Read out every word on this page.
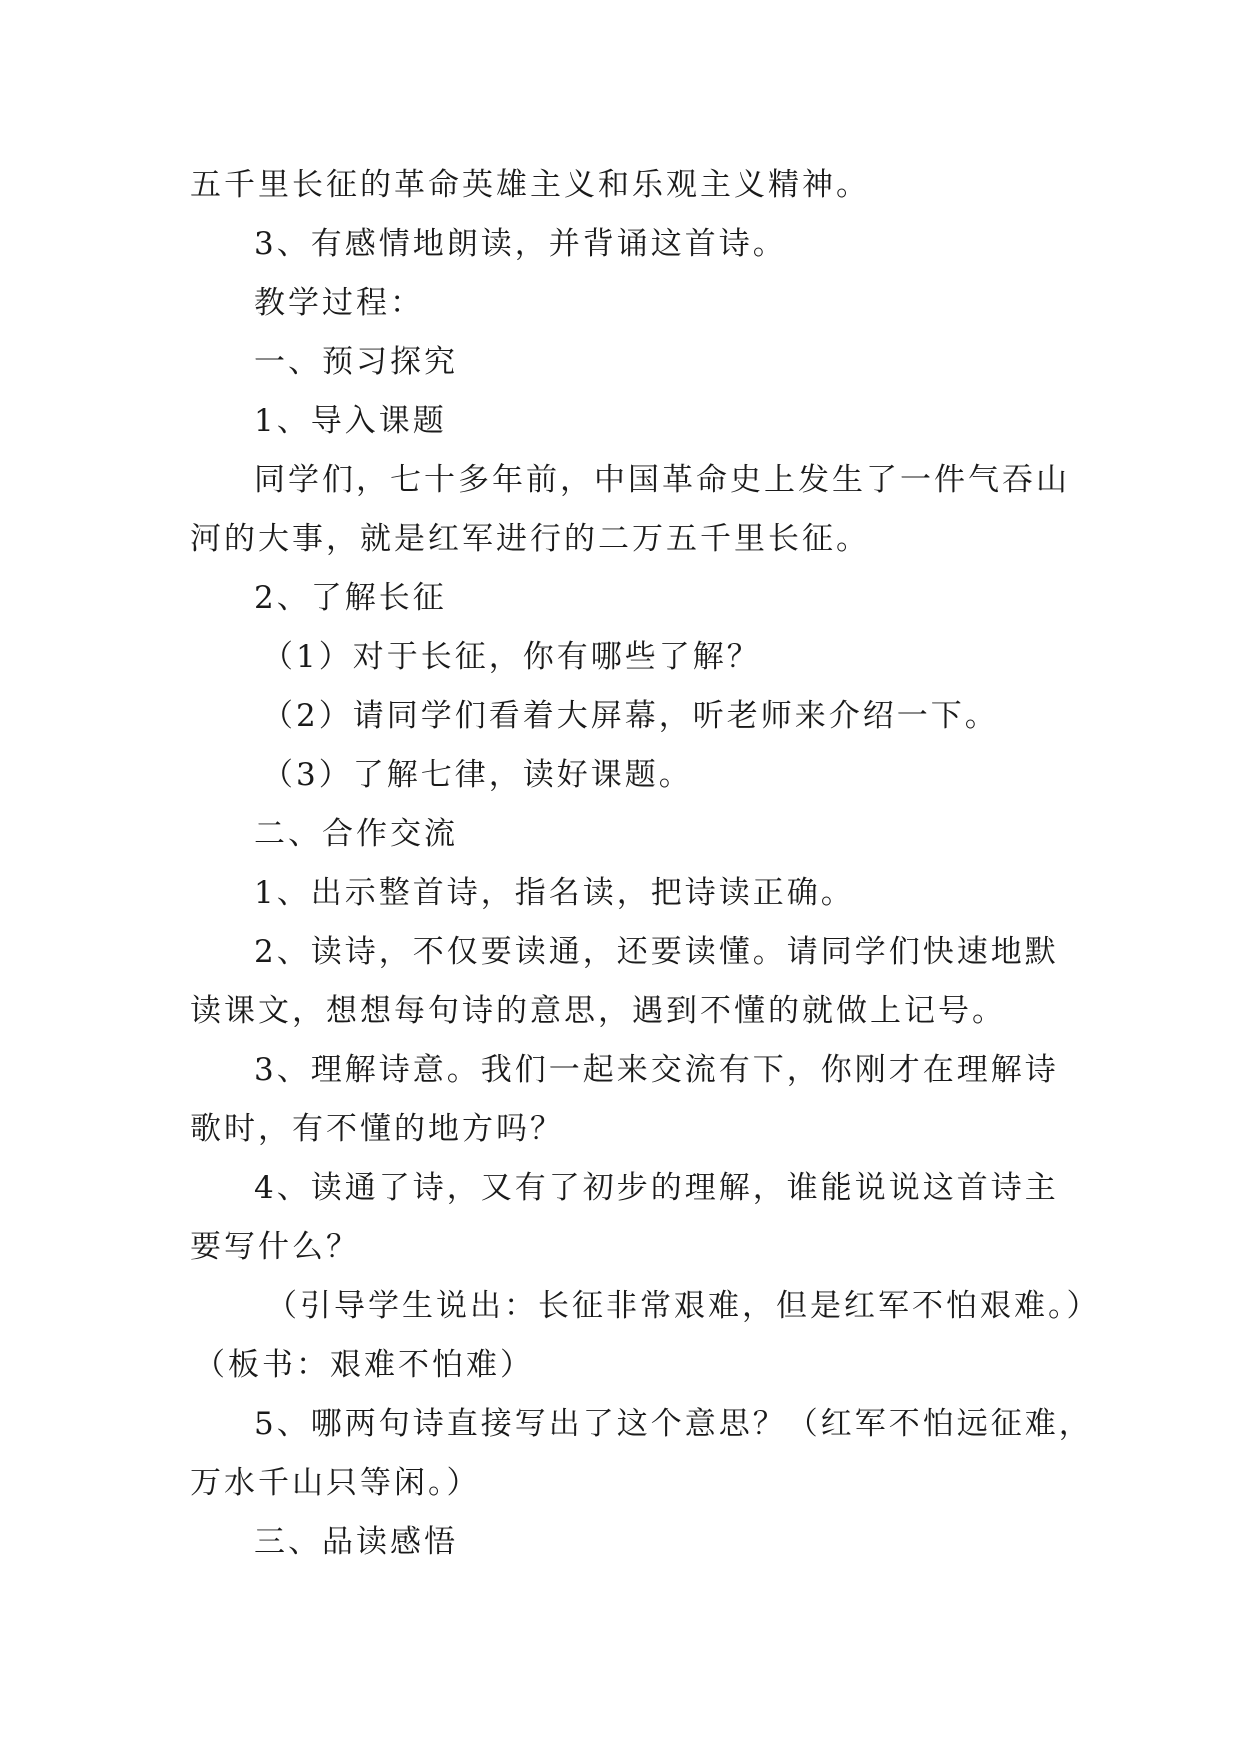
五千里长征的革命英雄主义和乐观主义精神。
3、有感情地朗读，并背诵这首诗。
教学过程：
一、预习探究
1、导入课题
同学们，七十多年前，中国革命史上发生了一件气吞山
河的大事，就是红军进行的二万五千里长征。
2、了解长征
（1）对于长征，你有哪些了解？
（2）请同学们看着大屏幕，听老师来介绍一下。
（3）了解七律，读好课题。
二、合作交流
1、出示整首诗，指名读，把诗读正确。
2、读诗，不仅要读通，还要读懂。请同学们快速地默
读课文，想想每句诗的意思，遇到不懂的就做上记号。
3、理解诗意。我们一起来交流有下，你刚才在理解诗
歌时，有不懂的地方吗？
4、读通了诗，又有了初步的理解，谁能说说这首诗主
要写什么？
（引导学生说出：长征非常艰难，但是红军不怕艰难。）
（板书：艰难不怕难）
5、哪两句诗直接写出了这个意思？（红军不怕远征难，
万水千山只等闲。）
三、品读感悟
